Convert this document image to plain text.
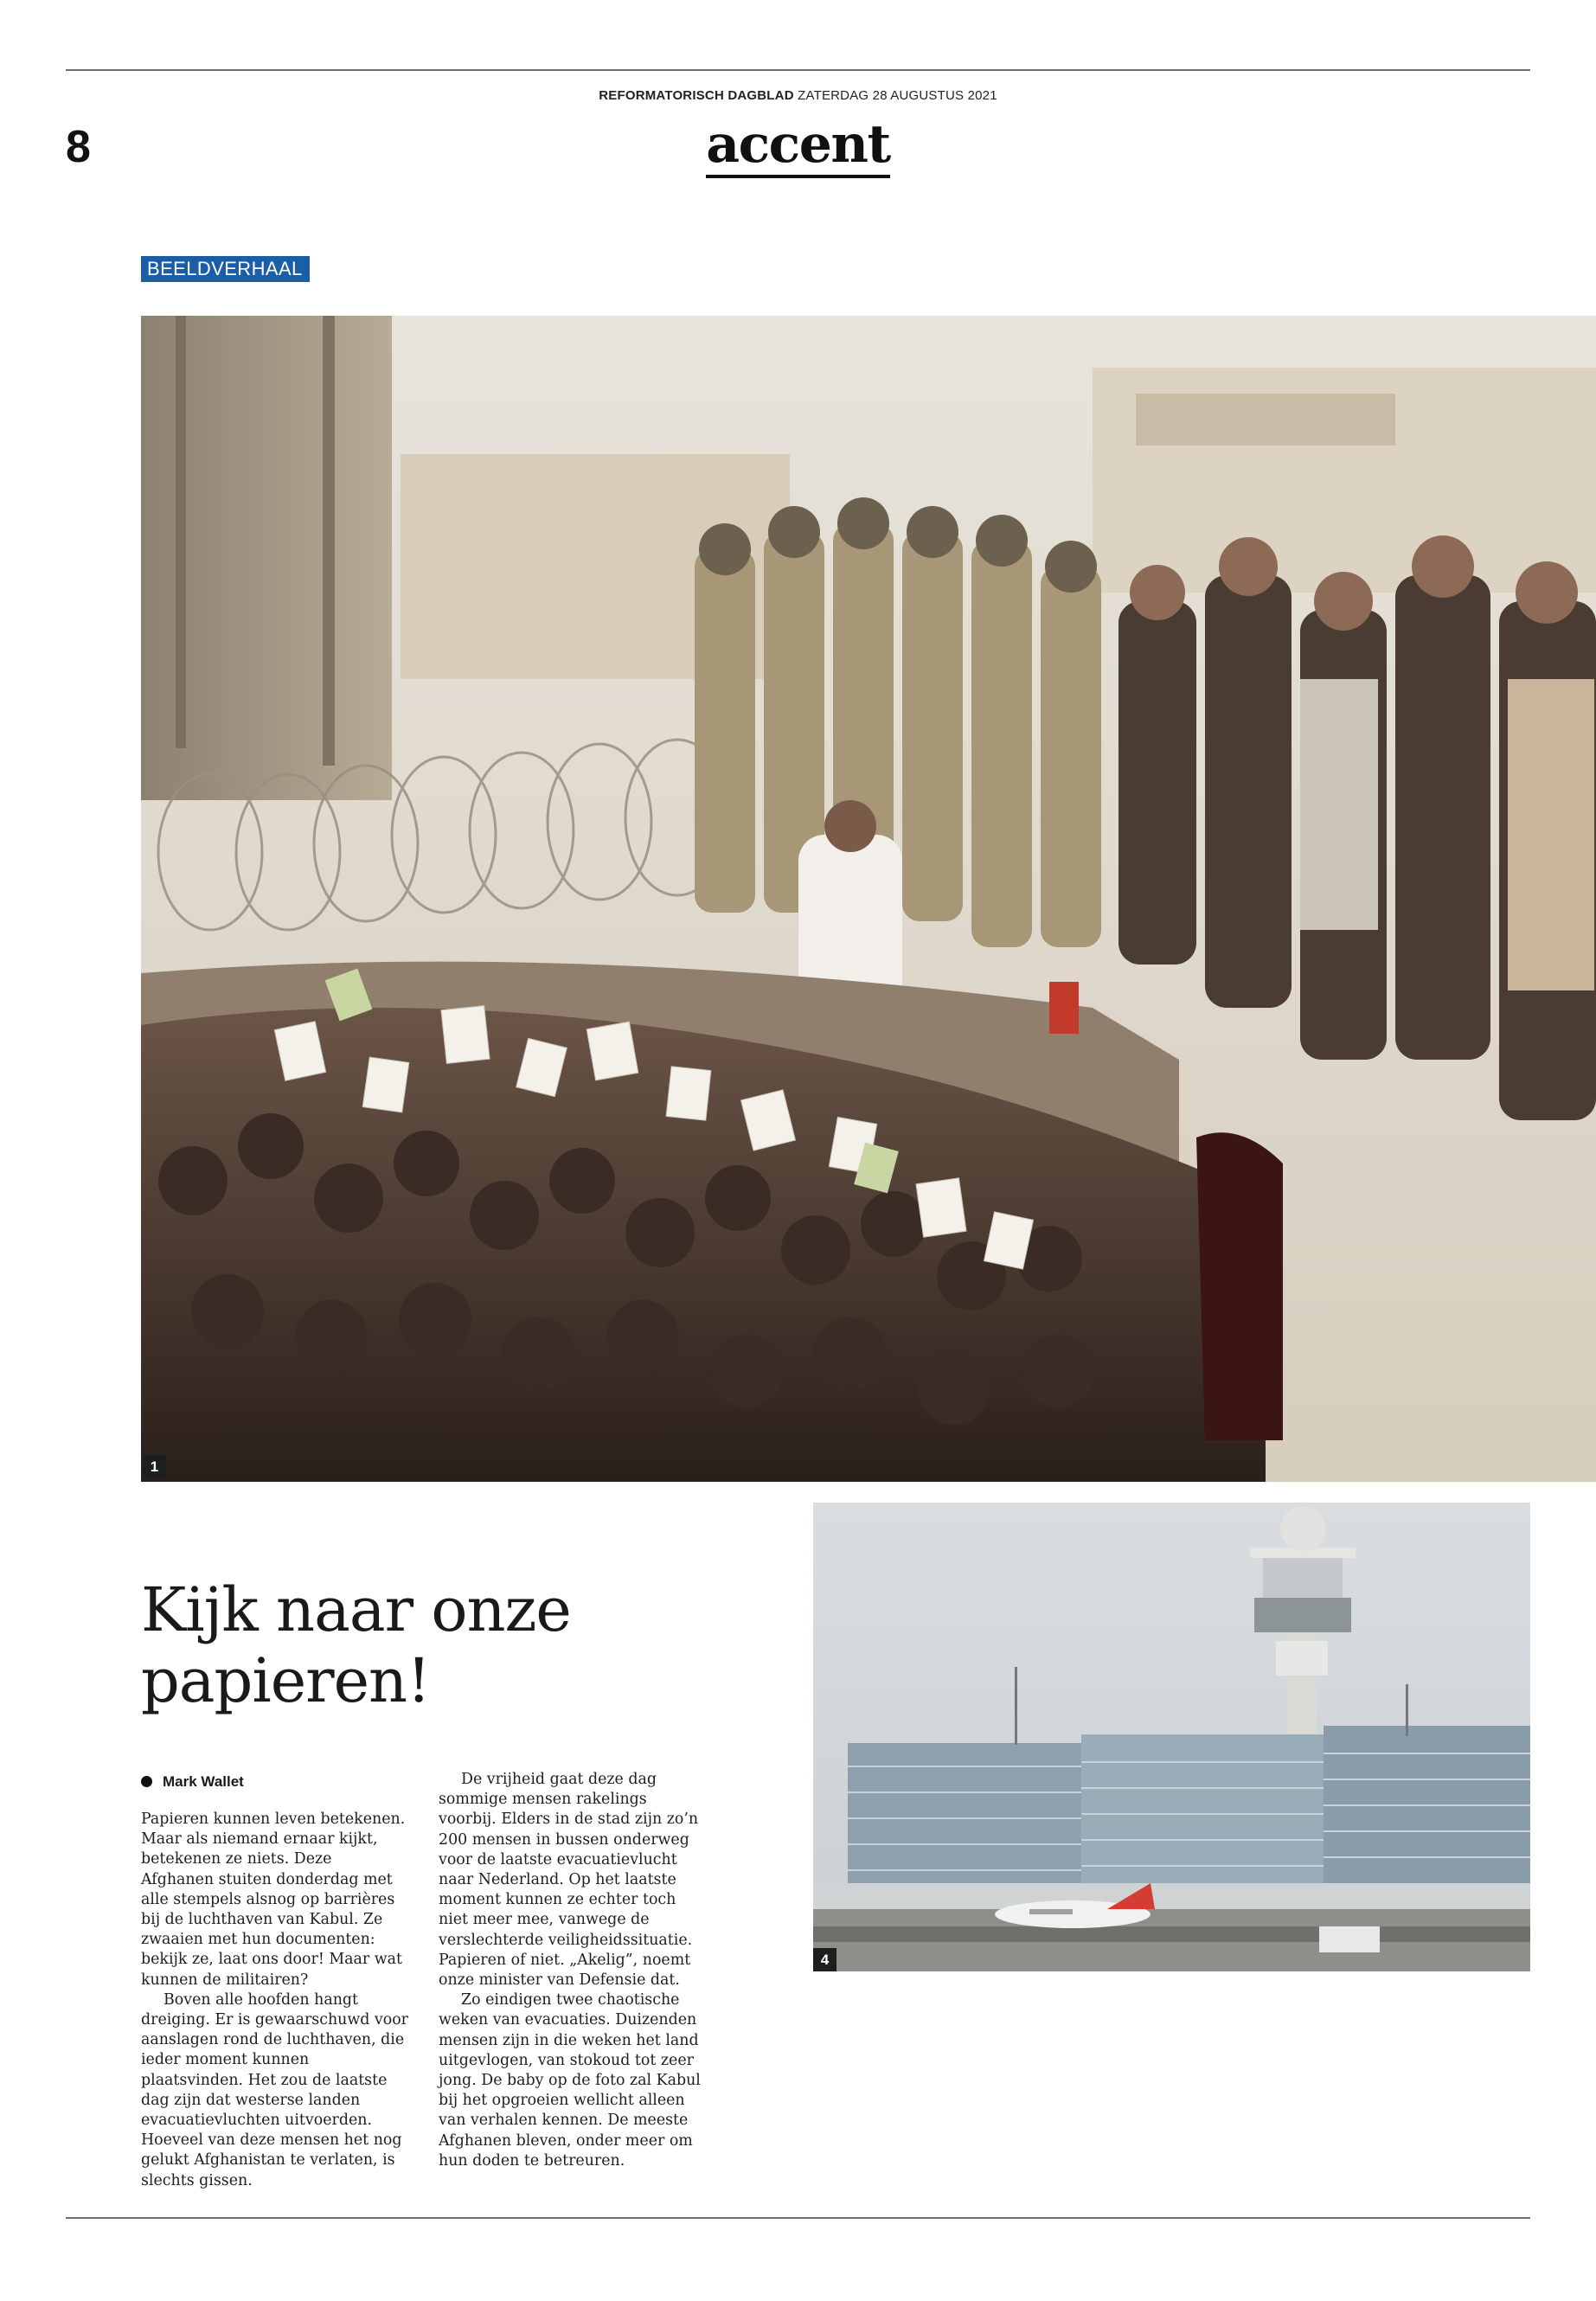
REFORMATORISCH DAGBLAD ZATERDAG 28 AUGUSTUS 2021
8	accent
BEELDVERHAAL
1
4
Kijk naar onze
papieren!
Mark Wallet

Papieren kunnen leven betekenen. Maar als niemand ernaar kijkt, betekenen ze niets. Deze Afghanen stuiten donderdag met alle stempels alsnog op barrières bij de luchthaven van Kabul. Ze zwaaien met hun documenten: bekijk ze, laat ons door! Maar wat kunnen de militairen?

Boven alle hoofden hangt dreiging. Er is gewaarschuwd voor aanslagen rond de luchthaven, die ieder moment kunnen plaatsvinden. Het zou de laatste dag zijn dat westerse landen evacuatievluchten uitvoerden. Hoeveel van deze mensen het nog gelukt Afghanistan te verlaten, is slechts gissen.

De vrijheid gaat deze dag sommige mensen rakelings voorbij. Elders in de stad zijn zo’n 200 mensen in bussen onderweg voor de laatste evacuatievlucht naar Nederland. Op het laatste moment kunnen ze echter toch niet meer mee, vanwege de verslechterde veiligheidssituatie. Papieren of niet. „Akelig”, noemt onze minister van Defensie dat.

Zo eindigen twee chaotische weken van evacuaties. Duizenden mensen zijn in die weken het land uitgevlogen, van stokoud tot zeer jong. De baby op de foto zal Kabul bij het opgroeien wellicht alleen van verhalen kennen. De meeste Afghanen bleven, onder meer om hun doden te betreuren.
